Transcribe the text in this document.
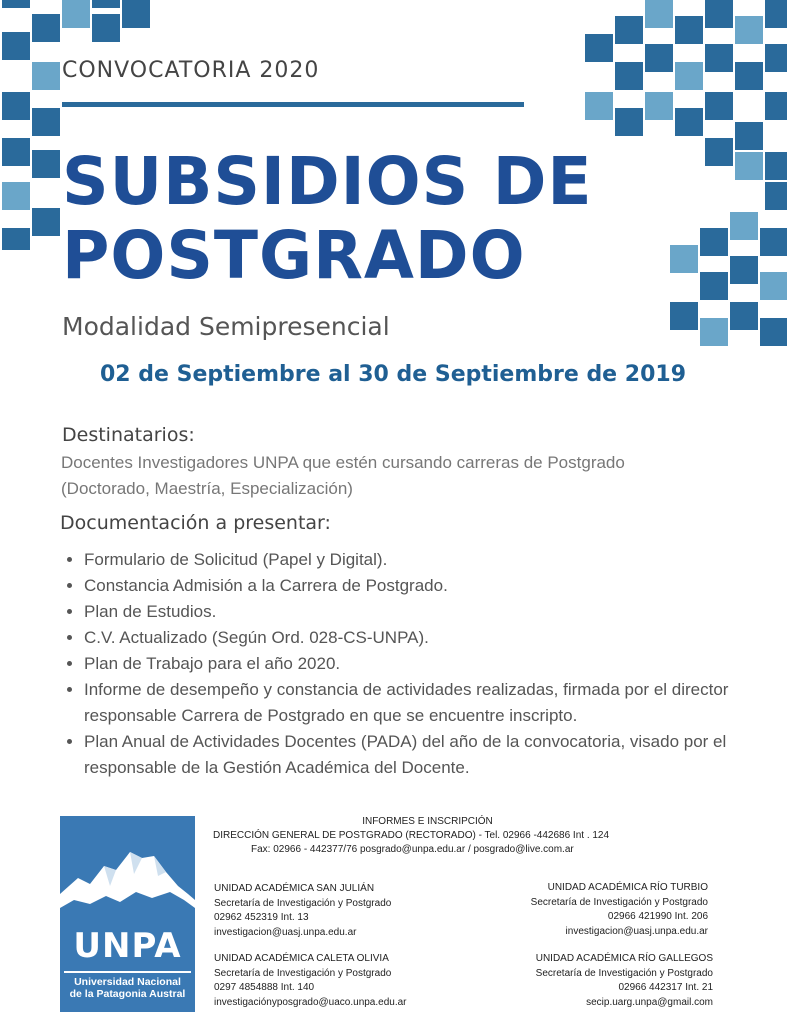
CONVOCATORIA 2020
SUBSIDIOS DE
POSTGRADO
Modalidad Semipresencial
02 de Septiembre al 30 de Septiembre de 2019
Destinatarios:
Docentes Investigadores UNPA que estén cursando carreras de Postgrado
(Doctorado, Maestría, Especialización)
Documentación a presentar:
• Formulario de Solicitud (Papel y Digital).
• Constancia Admisión a la Carrera de Postgrado.
• Plan de Estudios.
• C.V. Actualizado (Según Ord. 028-CS-UNPA).
• Plan de Trabajo para el año 2020.
• Informe de desempeño y constancia de actividades realizadas, firmada por el director responsable Carrera de Postgrado en que se encuentre inscripto.
• Plan Anual de Actividades Docentes (PADA) del año de la convocatoria, visado por el responsable de la Gestión Académica del Docente.
UNPA
Universidad Nacional
de la Patagonia Austral
INFORMES E INSCRIPCIÓN
DIRECCIÓN GENERAL DE POSTGRADO (RECTORADO) - Tel. 02966 -442686 Int . 124
Fax: 02966 - 442377/76 posgrado@unpa.edu.ar / posgrado@live.com.ar
UNIDAD ACADÉMICA SAN JULIÁN
Secretaría de Investigación y Postgrado
02962 452319 Int. 13
investigacion@uasj.unpa.edu.ar
UNIDAD ACADÉMICA RÍO TURBIO
Secretaría de Investigación y Postgrado
02966 421990 Int. 206
investigacion@uasj.unpa.edu.ar
UNIDAD ACADÉMICA CALETA OLIVIA
Secretaría de Investigación y Postgrado
0297 4854888 Int. 140
investigaciónyposgrado@uaco.unpa.edu.ar
UNIDAD ACADÉMICA RÍO GALLEGOS
Secretaría de Investigación y Postgrado
02966 442317 Int. 21
secip.uarg.unpa@gmail.com
